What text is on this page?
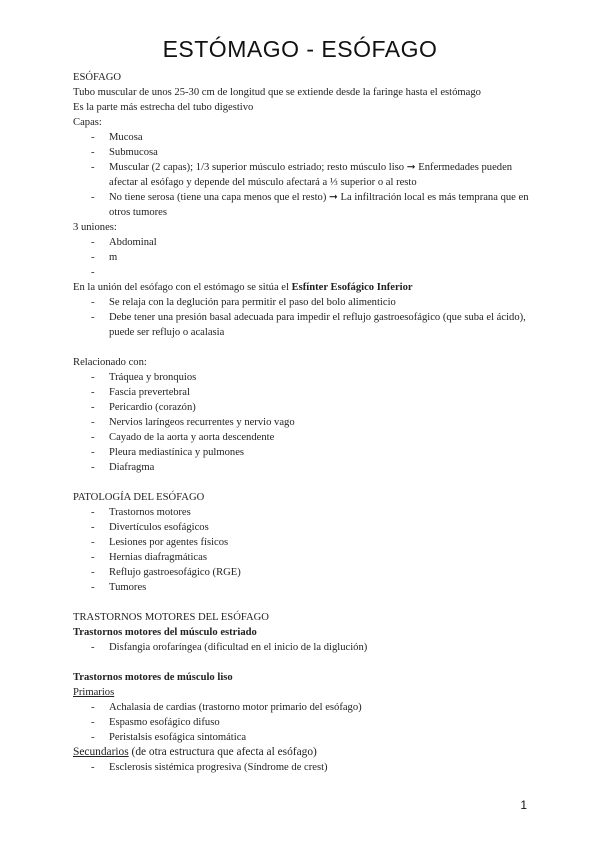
ESTÓMAGO - ESÓFAGO

ESÓFAGO

Tubo muscular de unos 25-30 cm de longitud que se extiende desde la faringe hasta el estómago

Es la parte más estrecha del tubo digestivo

Capas:

- Mucosa
- Submucosa
- Muscular (2 capas); 1/3 superior músculo estriado; resto músculo liso ➞ Enfermedades pueden afectar al esófago y depende del músculo afectará a ⅓ superior o al resto
- No tiene serosa (tiene una capa menos que el resto) ➞ La infiltración local es más temprana que en otros tumores

3 uniones:

- Abdominal
- m
-

En la unión del esófago con el estómago se sitúa el Esfínter Esofágico Inferior

- Se relaja con la deglución para permitir el paso del bolo alimenticio
- Debe tener una presión basal adecuada para impedir el reflujo gastroesofágico (que suba el ácido), puede ser reflujo o acalasia

Relacionado con:

- Tráquea y bronquios
- Fascia prevertebral
- Pericardio (corazón)
- Nervios laríngeos recurrentes y nervio vago
- Cayado de la aorta y aorta descendente
- Pleura mediastínica y pulmones
- Diafragma

PATOLOGÍA DEL ESÓFAGO

- Trastornos motores
- Divertículos esofágicos
- Lesiones por agentes físicos
- Hernias diafragmáticas
- Reflujo gastroesofágico (RGE)
- Tumores

TRASTORNOS MOTORES DEL ESÓFAGO

Trastornos motores del músculo estriado

- Disfangia orofaríngea (dificultad en el inicio de la diglución)

Trastornos motores de músculo liso

Primarios

- Achalasia de cardias (trastorno motor primario del esófago)
- Espasmo esofágico difuso
- Peristalsis esofágica sintomática

Secundarios (de otra estructura que afecta al esófago)

- Esclerosis sistémica progresiva (Síndrome de crest)
1
